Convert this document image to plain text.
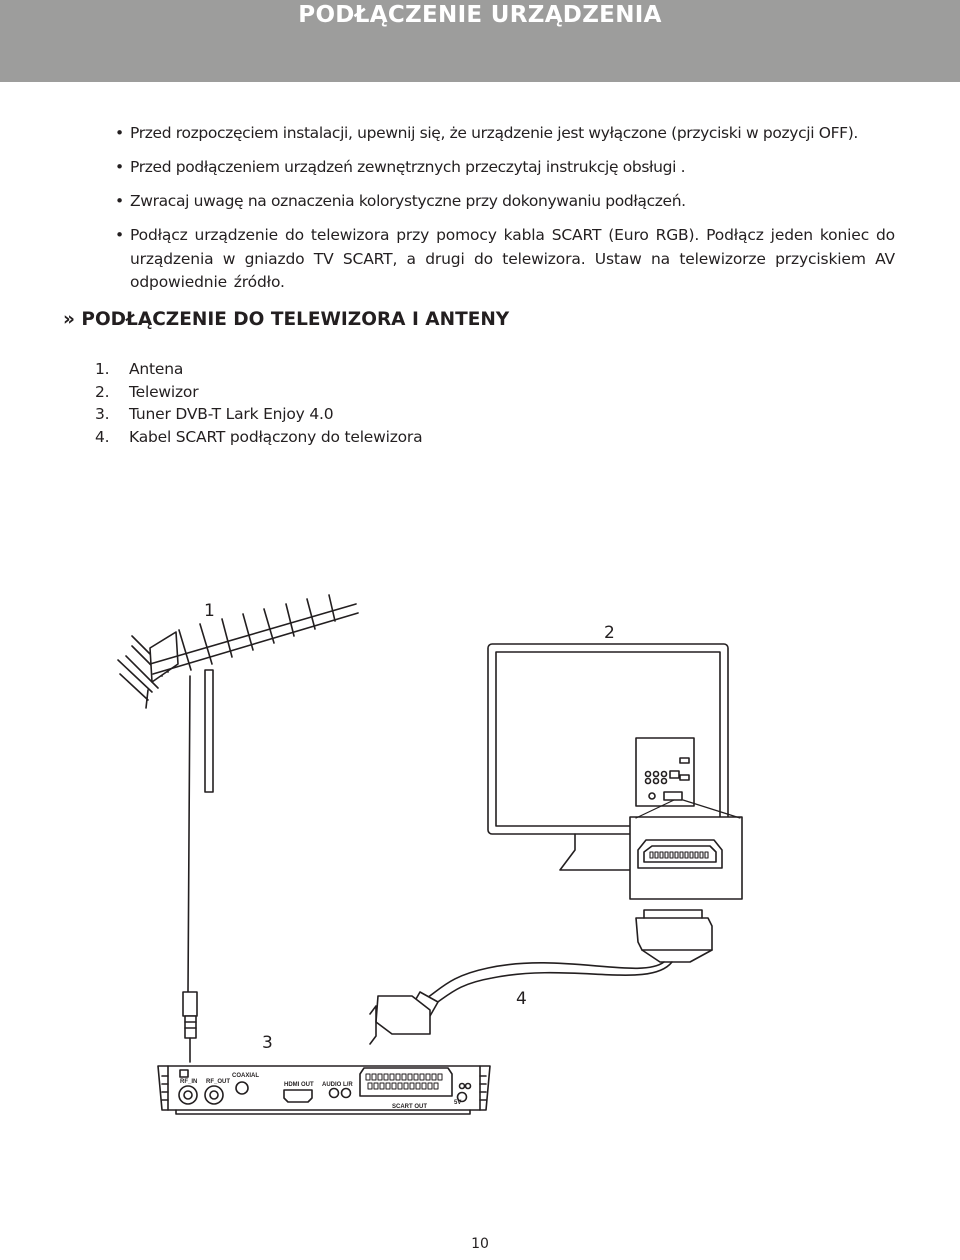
PODŁĄCZENIE URZĄDZENIA
• Przed rozpoczęciem instalacji, upewnij się, że urządzenie jest wyłączone (przyciski w pozycji OFF).
• Przed podłączeniem urządzeń zewnętrznych przeczytaj instrukcję obsługi .
• Zwracaj uwagę na oznaczenia kolorystyczne przy dokonywaniu podłączeń.
• Podłącz urządzenie do telewizora przy pomocy kabla SCART (Euro RGB). Podłącz jeden koniec do urządzenia w gniazdo TV SCART, a drugi do telewizora. Ustaw na telewizorze przyciskiem AV odpowiednie źródło.
» PODŁĄCZENIE DO TELEWIZORA I ANTENY
1. Antena
2. Telewizor
3. Tuner DVB-T Lark Enjoy 4.0
4. Kabel SCART podłączony do telewizora
RF_IN RF_OUT
COAXIAL
HDMI OUT AUDIO L/R
SCART OUT
5V
1
2
3
4
10
